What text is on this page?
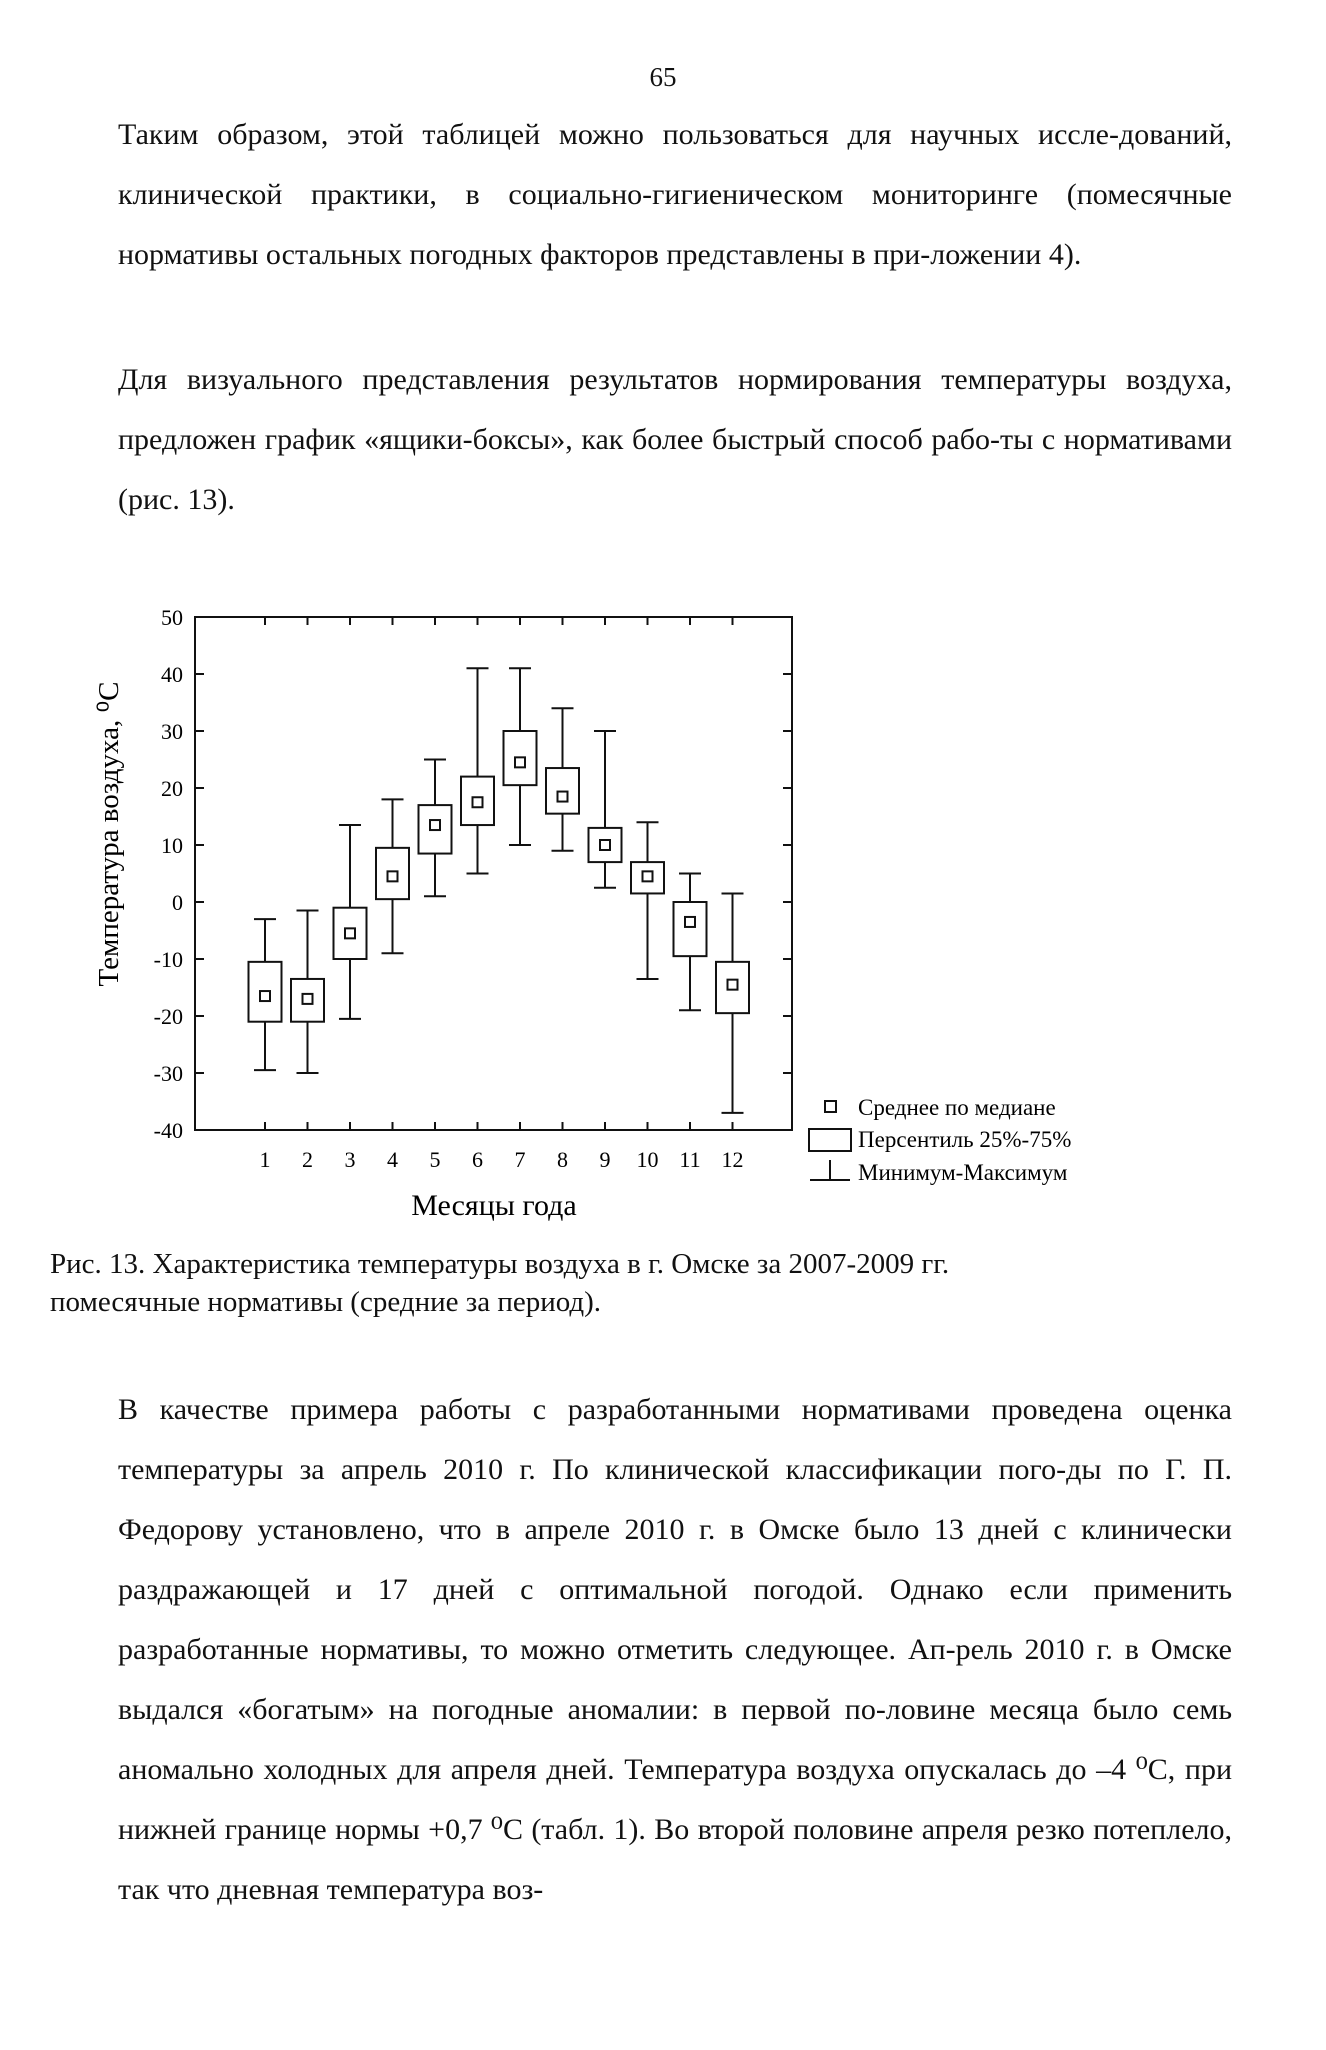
65
Таким образом, этой таблицей можно пользоваться для научных иссле-дований, клинической практики, в социально-гигиеническом мониторинге (помесячные нормативы остальных погодных факторов представлены в при-ложении 4).
Для визуального представления результатов нормирования температуры воздуха, предложен график «ящики-боксы», как более быстрый способ рабо-ты с нормативами (рис. 13).
50
40
30
20
10
0
-10
-20
-30
-40
1 2 3 4 5 6 7 8 9 10 11 12
Температура воздуха, ⁰С
Месяцы года
Среднее по медиане
Персентиль 25%-75%
Минимум-Максимум
Рис. 13. Характеристика температуры воздуха в г. Омске за 2007-2009 гг.
помесячные нормативы (средние за период).
В качестве примера работы с разработанными нормативами проведена оценка температуры за апрель 2010 г. По клинической классификации пого-ды по Г. П. Федорову установлено, что в апреле 2010 г. в Омске было 13 дней с клинически раздражающей и 17 дней с оптимальной погодой. Однако если применить разработанные нормативы, то можно отметить следующее. Ап-рель 2010 г. в Омске выдался «богатым» на погодные аномалии: в первой по-ловине месяца было семь аномально холодных для апреля дней. Температура воздуха опускалась до –4 ⁰С, при нижней границе нормы +0,7 ⁰С (табл. 1). Во второй половине апреля резко потеплело, так что дневная температура воз-
